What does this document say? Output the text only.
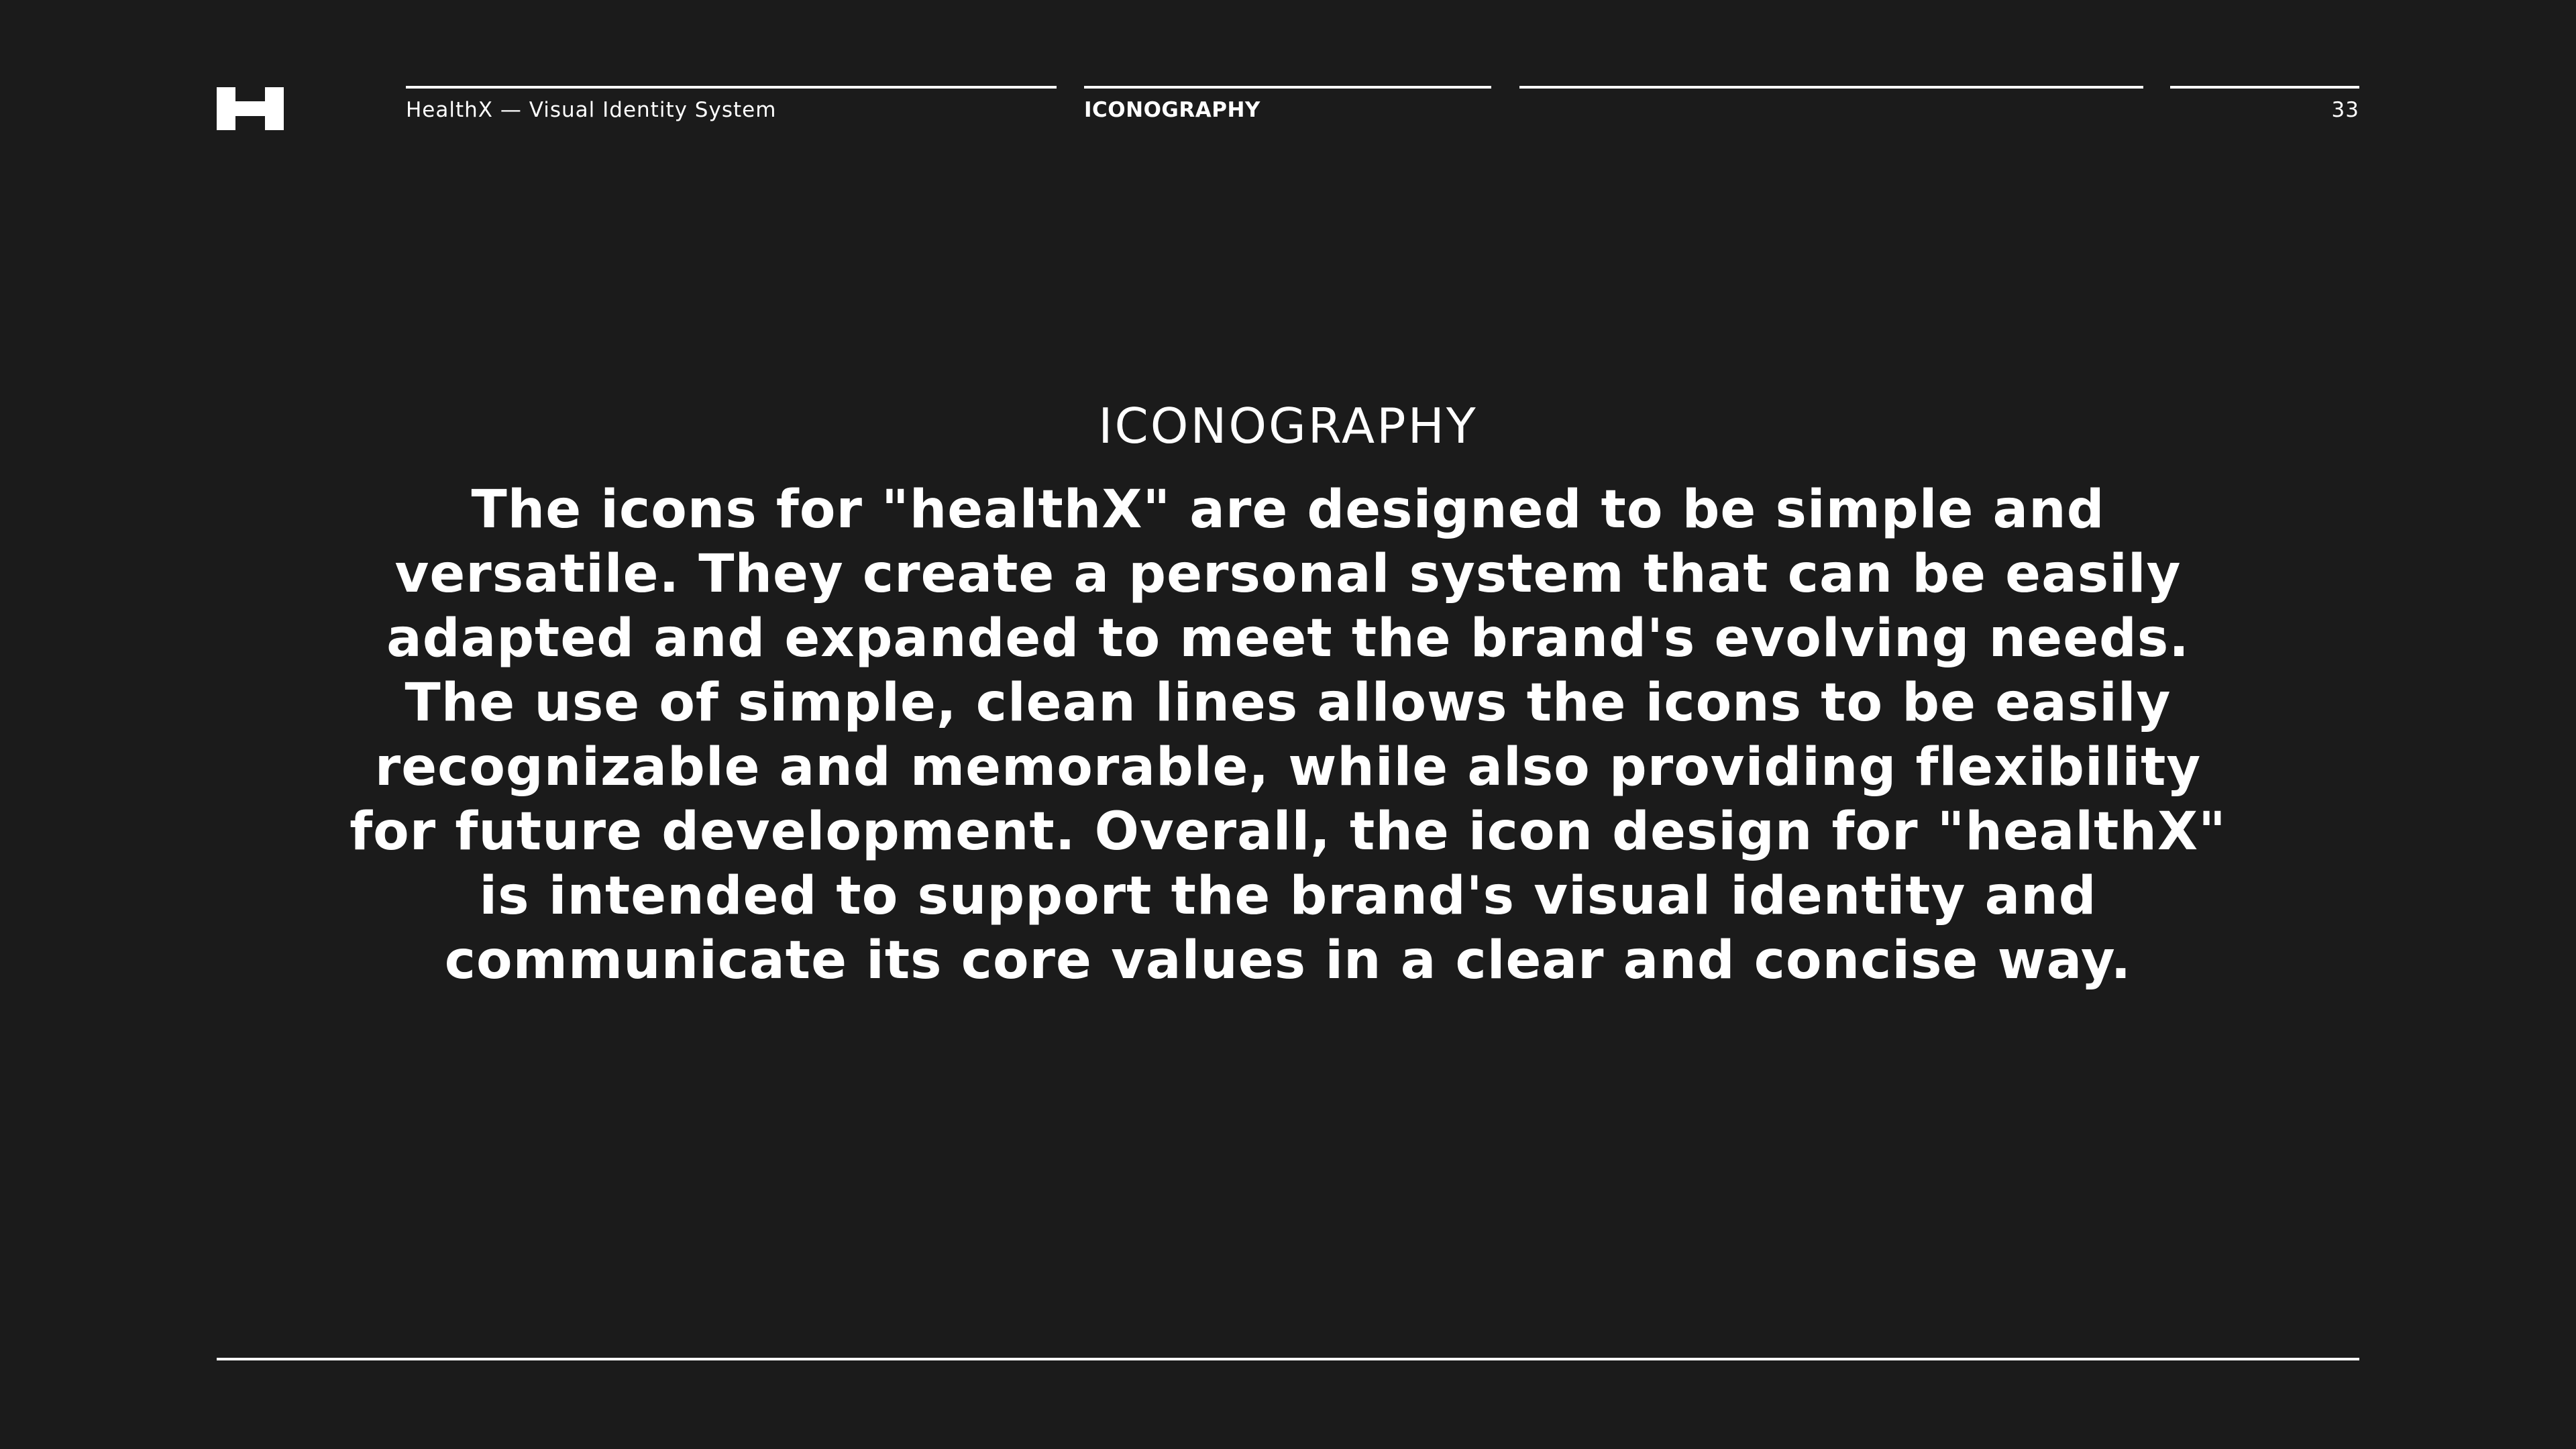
HealthX — Visual Identity System	ICONOGRAPHY	33
ICONOGRAPHY

The icons for "healthX" are designed to be simple and versatile. They create a personal system that can be easily adapted and expanded to meet the brand's evolving needs. The use of simple, clean lines allows the icons to be easily recognizable and memorable, while also providing flexibility for future development. Overall, the icon design for "healthX" is intended to support the brand's visual identity and communicate its core values in a clear and concise way.
